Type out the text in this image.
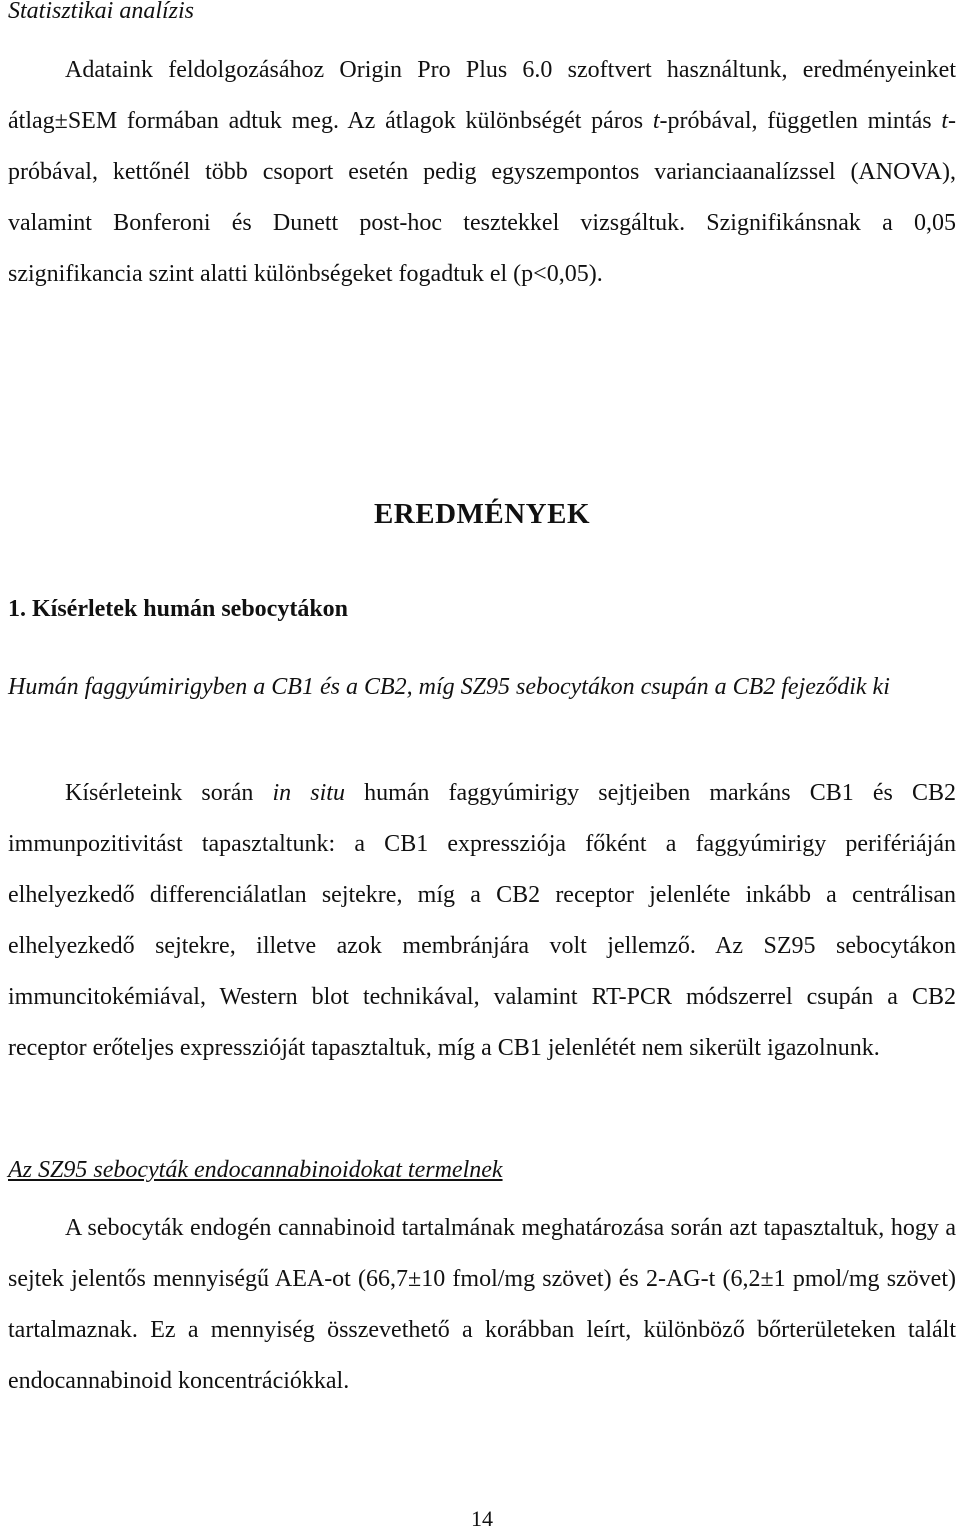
Statisztikai analízis

Adataink feldolgozásához Origin Pro Plus 6.0 szoftvert használtunk, eredményeinket átlag±SEM formában adtuk meg. Az átlagok különbségét páros t-próbával, független mintás t-próbával, kettőnél több csoport esetén pedig egyszempontos varianciaanalízssel (ANOVA), valamint Bonferoni és Dunett post-hoc tesztekkel vizsgáltuk. Szignifikánsnak a 0,05 szignifikancia szint alatti különbségeket fogadtuk el (p<0,05).

EREDMÉNYEK
1. Kísérletek humán sebocytákon

Humán faggyúmirigyben a CB1 és a CB2, míg SZ95 sebocytákon csupán a CB2 fejeződik ki

Kísérleteink során in situ humán faggyúmirigy sejtjeiben markáns CB1 és CB2 immunpozitivitást tapasztaltunk: a CB1 expressziója főként a faggyúmirigy perifériáján elhelyezkedő differenciálatlan sejtekre, míg a CB2 receptor jelenléte inkább a centrálisan elhelyezkedő sejtekre, illetve azok membránjára volt jellemző. Az SZ95 sebocytákon immuncitokémiával, Western blot technikával, valamint RT-PCR módszerrel csupán a CB2 receptor erőteljes expresszióját tapasztaltuk, míg a CB1 jelenlétét nem sikerült igazolnunk.

Az SZ95 sebocyták endocannabinoidokat termelnek

A sebocyták endogén cannabinoid tartalmának meghatározása során azt tapasztaltuk, hogy a sejtek jelentős mennyiségű AEA-ot (66,7±10 fmol/mg szövet) és 2-AG-t (6,2±1 pmol/mg szövet) tartalmaznak. Ez a mennyiség összevethető a korábban leírt, különböző bőrterületeken talált endocannabinoid koncentrációkkal.

14
